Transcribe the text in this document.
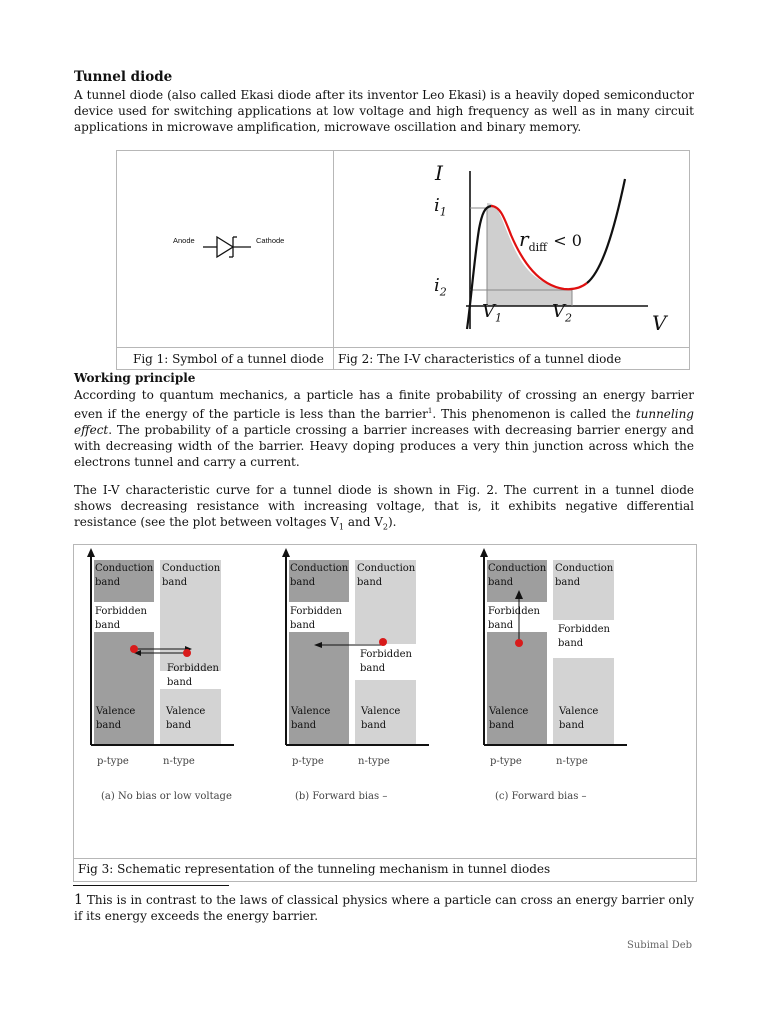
Tunnel diode
A tunnel diode (also called Ekasi diode after its inventor Leo Ekasi) is a heavily doped semiconductor device used for switching applications at low voltage and high frequency as well as in many circuit applications in microwave amplification, microwave oscillation and binary memory.
Anode	Cathode
Fig 1: Symbol of a tunnel diode
V
I
$i_1$
$i_2$
$V_1$	$V_2$
$r_{diff} < 0$
Fig 2: The I-V characteristics of a tunnel diode
Working principle
According to quantum mechanics, a particle has a finite probability of crossing an energy barrier even if the energy of the particle is less than the barrier$^1$. This phenomenon is called the tunneling effect. The probability of a particle crossing a barrier increases with decreasing barrier energy and with decreasing width of the barrier. Heavy doping produces a very thin junction across which the electrons tunnel and carry a current.
The I-V characteristic curve for a tunnel diode is shown in Fig. 2. The current in a tunnel diode shows decreasing resistance with increasing voltage, that is, it exhibits negative differential resistance (see the plot between voltages $V_1$ and $V_2$).
Fig 3: Schematic representation of the tunneling mechanism in tunnel diodes
Conduction band
Conduction band
Forbidden band
Forbidden band
Valence band
Valence band
p-type	n-type
(a) No bias or low voltage
Conduction band
Conduction band
Forbidden band
Forbidden band
Valence band
Valence band
p-type	n-type
(b) Forward bias –
Conduction band
Conduction band
Forbidden band	Forbidden band
Valence band
Valence band
p-type	n-type
(c) Forward bias –
1 This is in contrast to the laws of classical physics where a particle can cross an energy barrier only if its energy exceeds the energy barrier.
Subimal Deb
